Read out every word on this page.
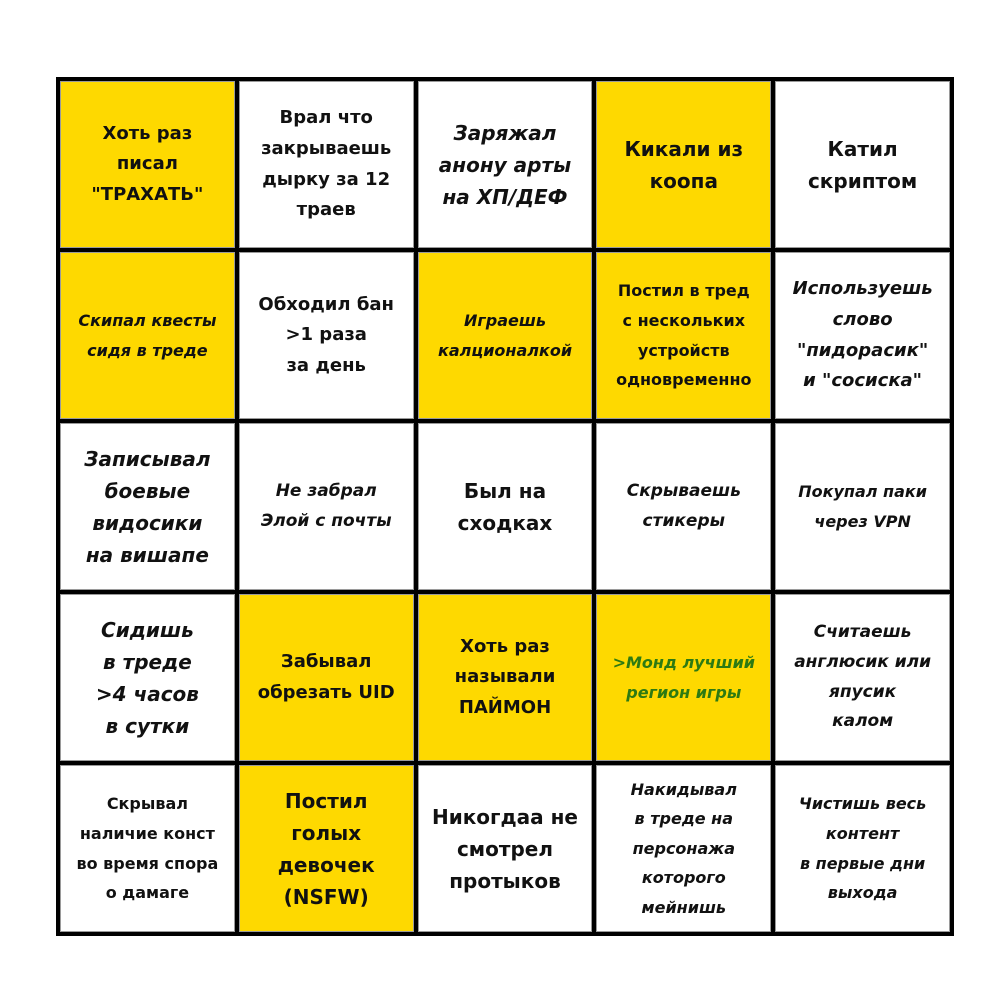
Хоть раз
писал
"ТРАХАТЬ"
Врал что
закрываешь
дырку за 12
траев
Заряжал
анону арты
на ХП/ДЕФ
Кикали из
коопа
Катил
скриптом
Скипал квесты
сидя в треде
Обходил бан
>1 раза
за день
Играешь
калционалкой
Постил в тред
с нескольких
устройств
одновременно
Используешь
слово
"пидорасик"
и "сосиска"
Записывал
боевые
видосики
на вишапе
Не забрал
Элой с почты
Был на
сходках
Скрываешь
стикеры
Покупал паки
через VPN
Сидишь
в треде
>4 часов
в сутки
Забывал
обрезать UID
Хоть раз
называли
ПАЙМОН
>Монд лучший
регион игры
Считаешь
англюсик или
япусик
калом
Скрывал
наличие конст
во время спора
о дамаге
Постил
голых
девочек
(NSFW)
Никогдаа не
смотрел
протыков
Накидывал
в треде на
персонажа
которого
мейнишь
Чистишь весь
контент
в первые дни
выхода
